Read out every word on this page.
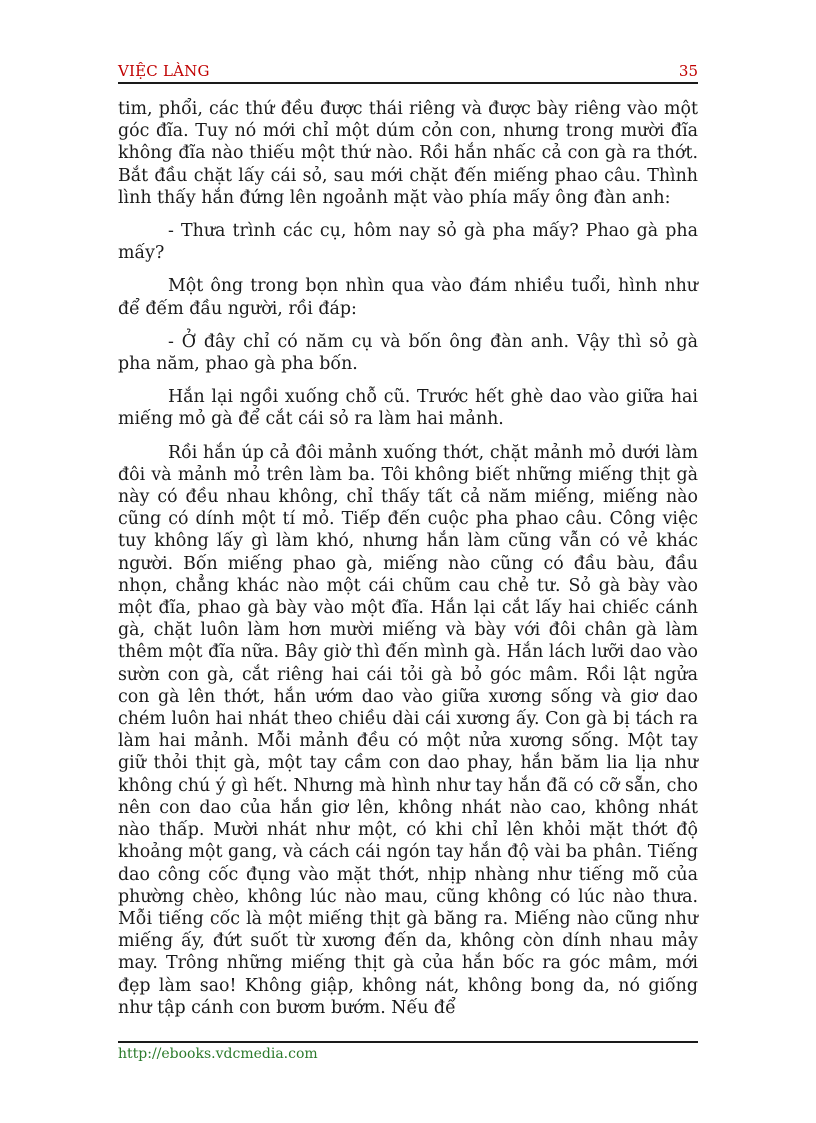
VIỆC LÀNG	35

tim, phổi, các thứ đều được thái riêng và được bày riêng vào một góc đĩa. Tuy nó mới chỉ một dúm cỏn con, nhưng trong mười đĩa không đĩa nào thiếu một thứ nào. Rồi hắn nhấc cả con gà ra thớt. Bắt đầu chặt lấy cái sỏ, sau mới chặt đến miếng phao câu. Thình lình thấy hắn đứng lên ngoảnh mặt vào phía mấy ông đàn anh:

- Thưa trình các cụ, hôm nay sỏ gà pha mấy? Phao gà pha mấy?

Một ông trong bọn nhìn qua vào đám nhiều tuổi, hình như để đếm đầu người, rồi đáp:

- Ở đây chỉ có năm cụ và bốn ông đàn anh. Vậy thì sỏ gà pha năm, phao gà pha bốn.

Hắn lại ngồi xuống chỗ cũ. Trước hết ghè dao vào giữa hai miếng mỏ gà để cắt cái sỏ ra làm hai mảnh.

Rồi hắn úp cả đôi mảnh xuống thớt, chặt mảnh mỏ dưới làm đôi và mảnh mỏ trên làm ba. Tôi không biết những miếng thịt gà này có đều nhau không, chỉ thấy tất cả năm miếng, miếng nào cũng có dính một tí mỏ. Tiếp đến cuộc pha phao câu. Công việc tuy không lấy gì làm khó, nhưng hắn làm cũng vẫn có vẻ khác người. Bốn miếng phao gà, miếng nào cũng có đầu bàu, đầu nhọn, chẳng khác nào một cái chũm cau chẻ tư. Sỏ gà bày vào một đĩa, phao gà bày vào một đĩa. Hắn lại cắt lấy hai chiếc cánh gà, chặt luôn làm hơn mười miếng và bày với đôi chân gà làm thêm một đĩa nữa. Bây giờ thì đến mình gà. Hắn lách lưỡi dao vào sườn con gà, cắt riêng hai cái tỏi gà bỏ góc mâm. Rồi lật ngửa con gà lên thớt, hắn ướm dao vào giữa xương sống và giơ dao chém luôn hai nhát theo chiều dài cái xương ấy. Con gà bị tách ra làm hai mảnh. Mỗi mảnh đều có một nửa xương sống. Một tay giữ thỏi thịt gà, một tay cầm con dao phay, hắn băm lia lịa như không chú ý gì hết. Nhưng mà hình như tay hắn đã có cỡ sẵn, cho nên con dao của hắn giơ lên, không nhát nào cao, không nhát nào thấp. Mười nhát như một, có khi chỉ lên khỏi mặt thớt độ khoảng một gang, và cách cái ngón tay hắn độ vài ba phân. Tiếng dao công cốc đụng vào mặt thớt, nhịp nhàng như tiếng mõ của phường chèo, không lúc nào mau, cũng không có lúc nào thưa. Mỗi tiếng cốc là một miếng thịt gà băng ra. Miếng nào cũng như miếng ấy, đứt suốt từ xương đến da, không còn dính nhau mảy may. Trông những miếng thịt gà của hắn bốc ra góc mâm, mới đẹp làm sao! Không giập, không nát, không bong da, nó giống như tập cánh con bươm bướm. Nếu để

http://ebooks.vdcmedia.com
